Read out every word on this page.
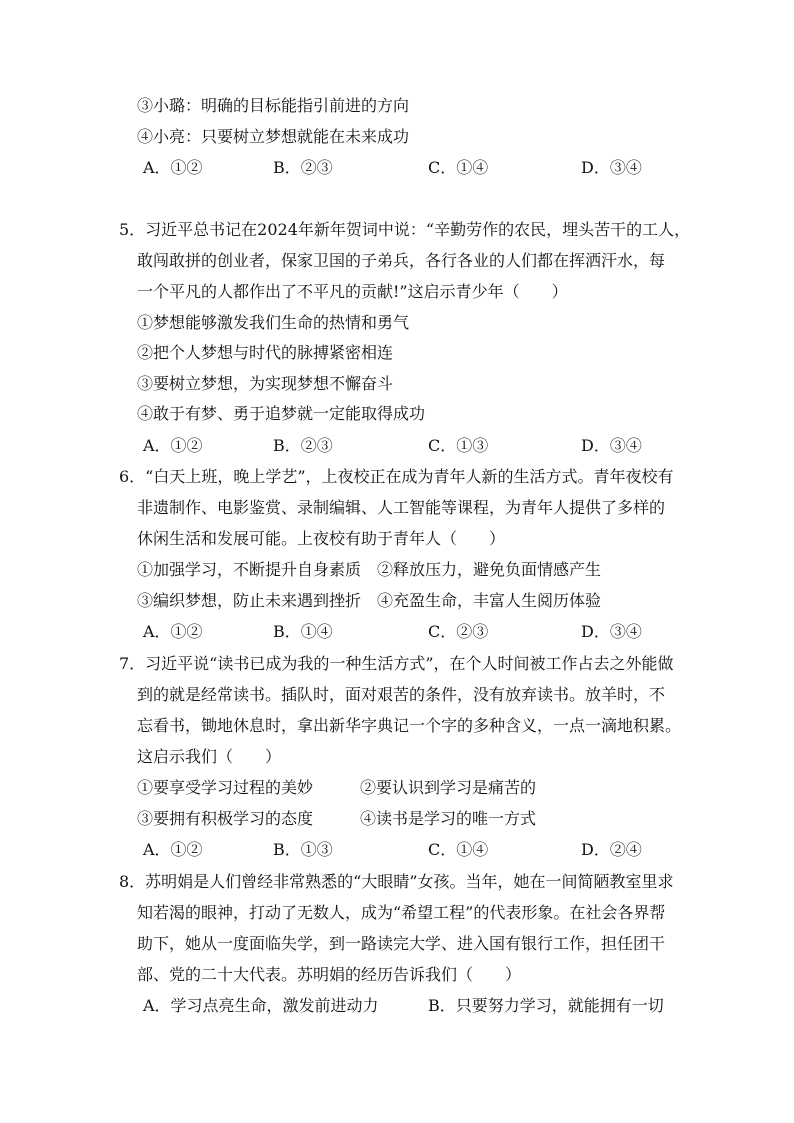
③小璐：明确的目标能指引前进的方向
④小亮：只要树立梦想就能在未来成功
A．①②	B．②③	C．①④	D．③④
5．习近平总书记在2024年新年贺词中说：“辛勤劳作的农民，埋头苦干的工人，
敢闯敢拼的创业者，保家卫国的子弟兵，各行各业的人们都在挥洒汗水，每
一个平凡的人都作出了不平凡的贡献!”这启示青少年（　　）
①梦想能够激发我们生命的热情和勇气
②把个人梦想与时代的脉搏紧密相连
③要树立梦想，为实现梦想不懈奋斗
④敢于有梦、勇于追梦就一定能取得成功
A．①②	B．②③	C．①③	D．③④
6．“白天上班，晚上学艺”，上夜校正在成为青年人新的生活方式。青年夜校有
非遗制作、电影鉴赏、录制编辑、人工智能等课程，为青年人提供了多样的
休闲生活和发展可能。上夜校有助于青年人（　　）
①加强学习，不断提升自身素质　②释放压力，避免负面情感产生
③编织梦想，防止未来遇到挫折　④充盈生命，丰富人生阅历体验
A．①②	B．①④	C．②③	D．③④
7．习近平说“读书已成为我的一种生活方式”，在个人时间被工作占去之外能做
到的就是经常读书。插队时，面对艰苦的条件，没有放弃读书。放羊时，不
忘看书，锄地休息时，拿出新华字典记一个字的多种含义，一点一滴地积累。
这启示我们（　　）
①要享受学习过程的美妙	②要认识到学习是痛苦的
③要拥有积极学习的态度	④读书是学习的唯一方式
A．①②	B．①③	C．①④	D．②④
8．苏明娟是人们曾经非常熟悉的“大眼睛”女孩。当年，她在一间简陋教室里求
知若渴的眼神，打动了无数人，成为“希望工程”的代表形象。在社会各界帮
助下，她从一度面临失学，到一路读完大学、进入国有银行工作，担任团干
部、党的二十大代表。苏明娟的经历告诉我们（　　）
A．学习点亮生命，激发前进动力	B．只要努力学习，就能拥有一切
